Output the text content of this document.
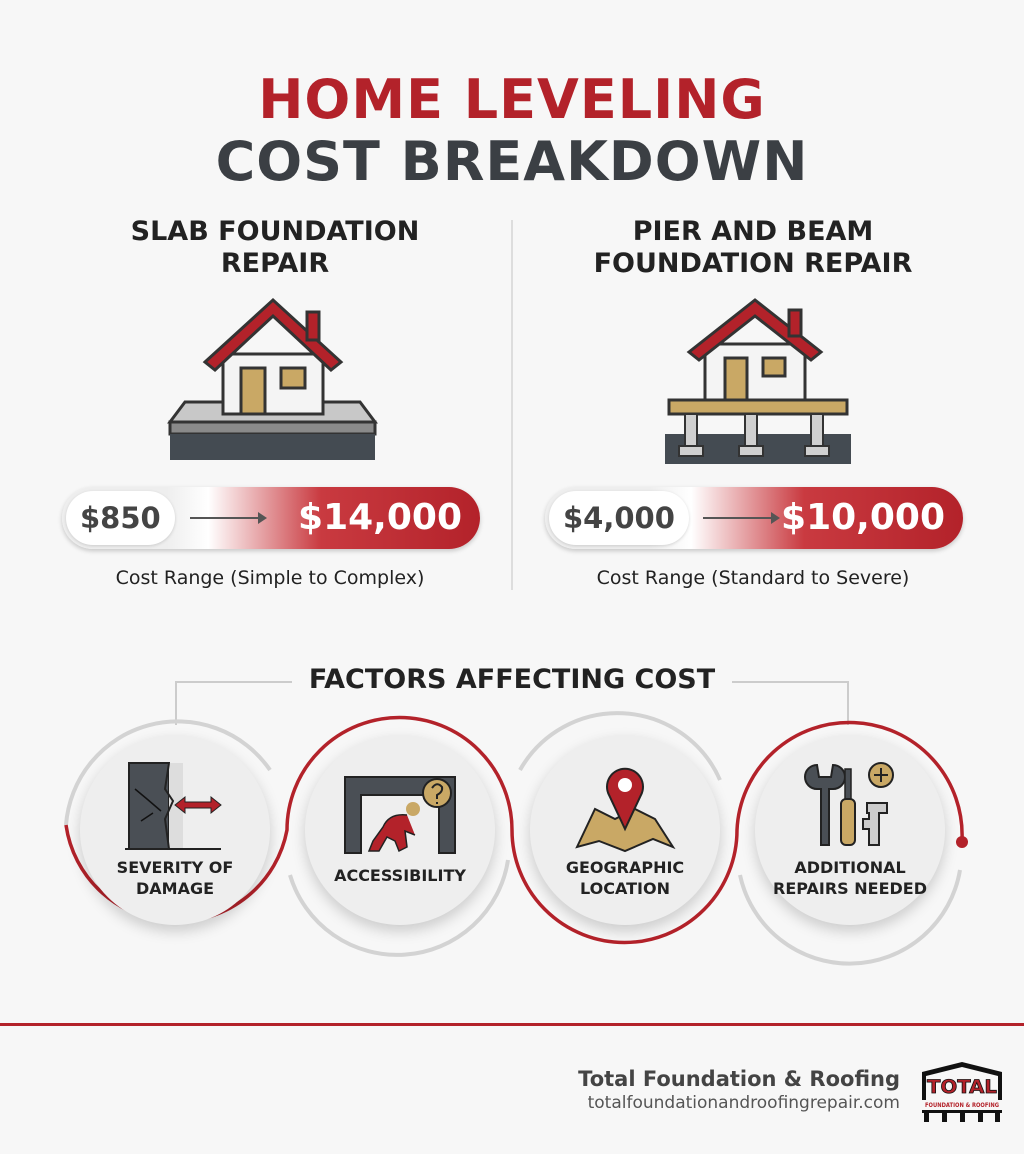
HOME LEVELING
COST BREAKDOWN
SLAB FOUNDATION
REPAIR
PIER AND BEAM
FOUNDATION REPAIR
$850	$14,000	$4,000	$10,000
Cost Range (Simple to Complex)	Cost Range (Standard to Severe)
FACTORS AFFECTING COST
SEVERITY OF
DAMAGE
ACCESSIBILITY	GEOGRAPHIC
LOCATION
ADDITIONAL
REPAIRS NEEDED
Total Foundation & Roofing
totalfoundationandroofingrepair.com
TOTAL
FOUNDATION & ROOFING
